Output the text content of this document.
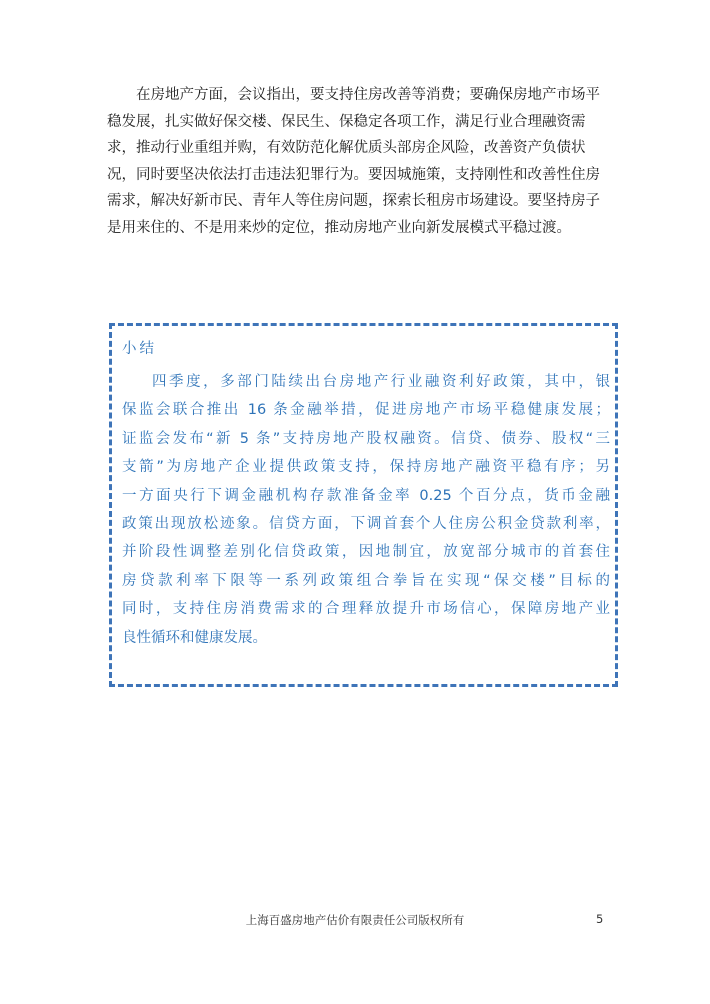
在房地产方面，会议指出，要支持住房改善等消费；要确保房地产市场平
稳发展，扎实做好保交楼、保民生、保稳定各项工作，满足行业合理融资需
求，推动行业重组并购，有效防范化解优质头部房企风险，改善资产负债状
况，同时要坚决依法打击违法犯罪行为。要因城施策，支持刚性和改善性住房
需求，解决好新市民、青年人等住房问题，探索长租房市场建设。要坚持房子
是用来住的、不是用来炒的定位，推动房地产业向新发展模式平稳过渡。
小结
四季度，多部门陆续出台房地产行业融资利好政策，其中，银
保监会联合推出 16 条金融举措，促进房地产市场平稳健康发展；
证监会发布“新 5 条”支持房地产股权融资。信贷、债券、股权“三
支箭”为房地产企业提供政策支持，保持房地产融资平稳有序；另
一方面央行下调金融机构存款准备金率 0.25 个百分点，货币金融
政策出现放松迹象。信贷方面，下调首套个人住房公积金贷款利率，
并阶段性调整差别化信贷政策，因地制宜，放宽部分城市的首套住
房贷款利率下限等一系列政策组合拳旨在实现“保交楼”目标的
同时，支持住房消费需求的合理释放提升市场信心，保障房地产业
良性循环和健康发展。
上海百盛房地产估价有限责任公司版权所有	5
